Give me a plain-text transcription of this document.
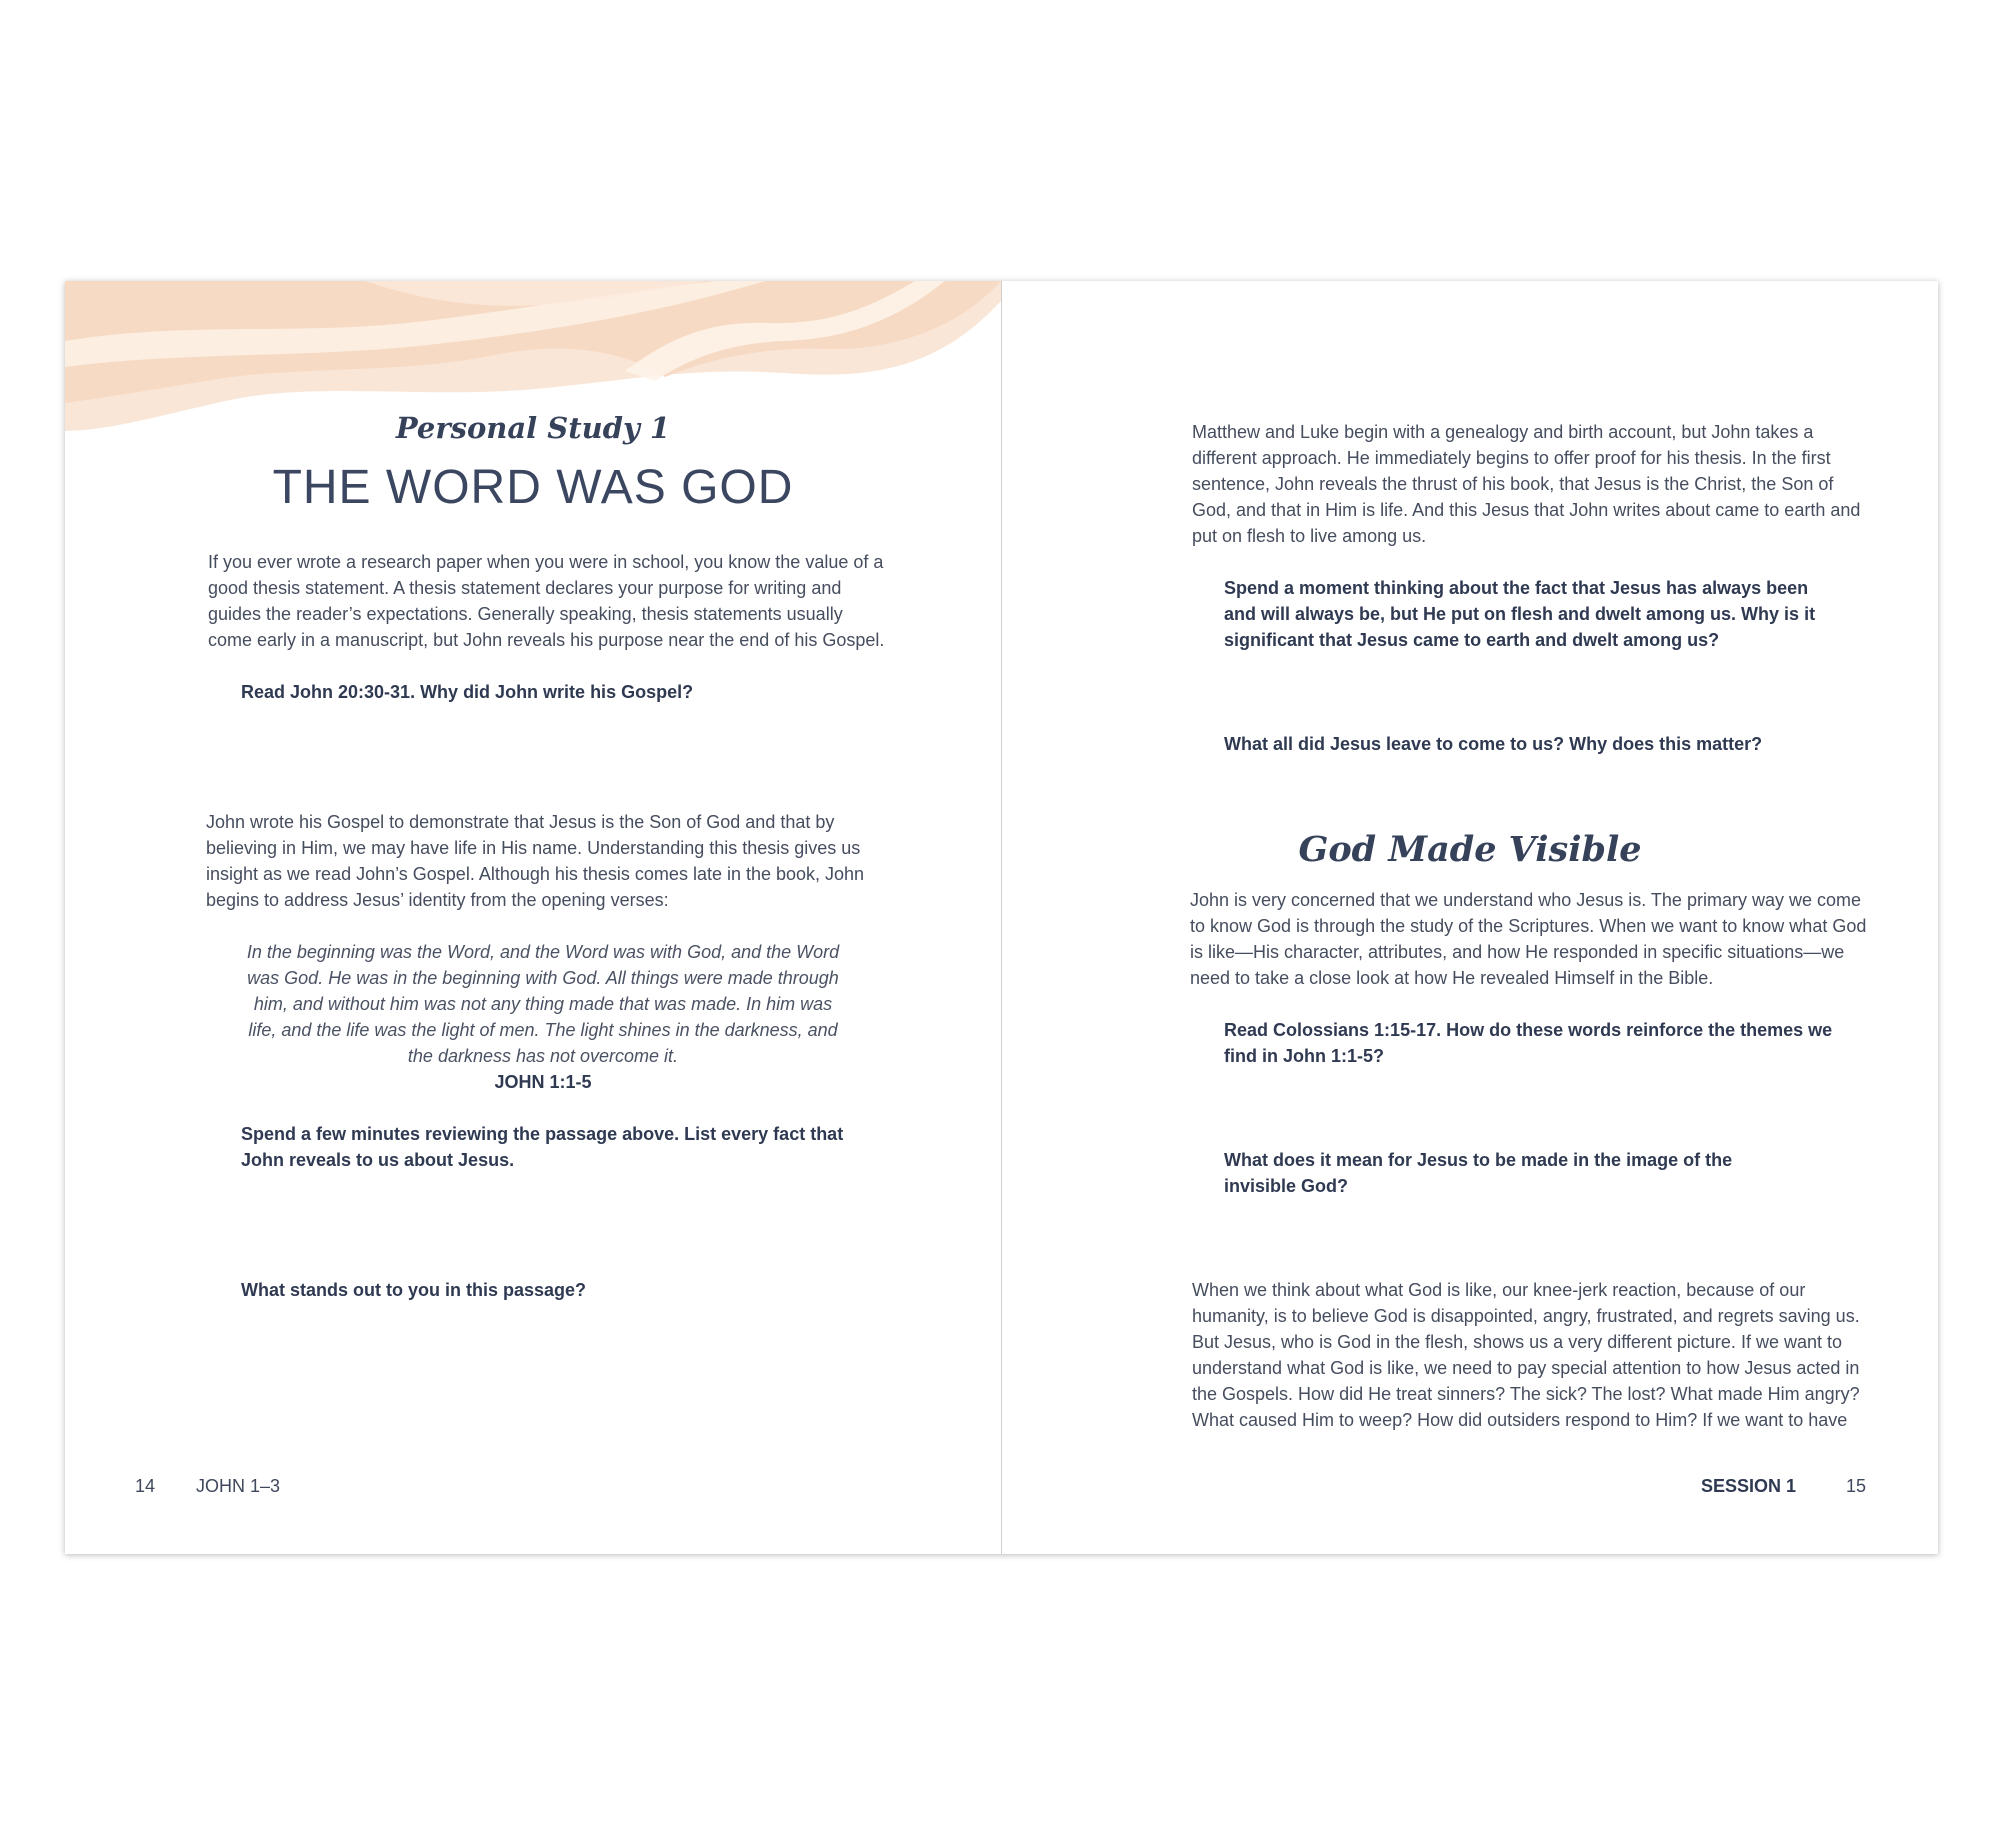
Personal Study 1

THE WORD WAS GOD

If you ever wrote a research paper when you were in school, you know the value of a good thesis statement. A thesis statement declares your purpose for writing and guides the reader’s expectations. Generally speaking, thesis statements usually come early in a manuscript, but John reveals his purpose near the end of his Gospel.

Read John 20:30-31. Why did John write his Gospel?

John wrote his Gospel to demonstrate that Jesus is the Son of God and that by believing in Him, we may have life in His name. Understanding this thesis gives us insight as we read John’s Gospel. Although his thesis comes late in the book, John begins to address Jesus’ identity from the opening verses:

In the beginning was the Word, and the Word was with God, and the Word was God. He was in the beginning with God. All things were made through him, and without him was not any thing made that was made. In him was life, and the life was the light of men. The light shines in the darkness, and the darkness has not overcome it.

JOHN 1:1-5

Spend a few minutes reviewing the passage above. List every fact that John reveals to us about Jesus.

What stands out to you in this passage?

14 JOHN 1–3

Matthew and Luke begin with a genealogy and birth account, but John takes a different approach. He immediately begins to offer proof for his thesis. In the first sentence, John reveals the thrust of his book, that Jesus is the Christ, the Son of God, and that in Him is life. And this Jesus that John writes about came to earth and put on flesh to live among us.

Spend a moment thinking about the fact that Jesus has always been and will always be, but He put on flesh and dwelt among us. Why is it significant that Jesus came to earth and dwelt among us?

What all did Jesus leave to come to us? Why does this matter?

God Made Visible

John is very concerned that we understand who Jesus is. The primary way we come to know God is through the study of the Scriptures. When we want to know what God is like—His character, attributes, and how He responded in specific situations—we need to take a close look at how He revealed Himself in the Bible.

Read Colossians 1:15-17. How do these words reinforce the themes we find in John 1:1-5?

What does it mean for Jesus to be made in the image of the invisible God?

When we think about what God is like, our knee-jerk reaction, because of our humanity, is to believe God is disappointed, angry, frustrated, and regrets saving us. But Jesus, who is God in the flesh, shows us a very different picture. If we want to understand what God is like, we need to pay special attention to how Jesus acted in the Gospels. How did He treat sinners? The sick? The lost? What made Him angry? What caused Him to weep? How did outsiders respond to Him? If we want to have

SESSION 1	15
